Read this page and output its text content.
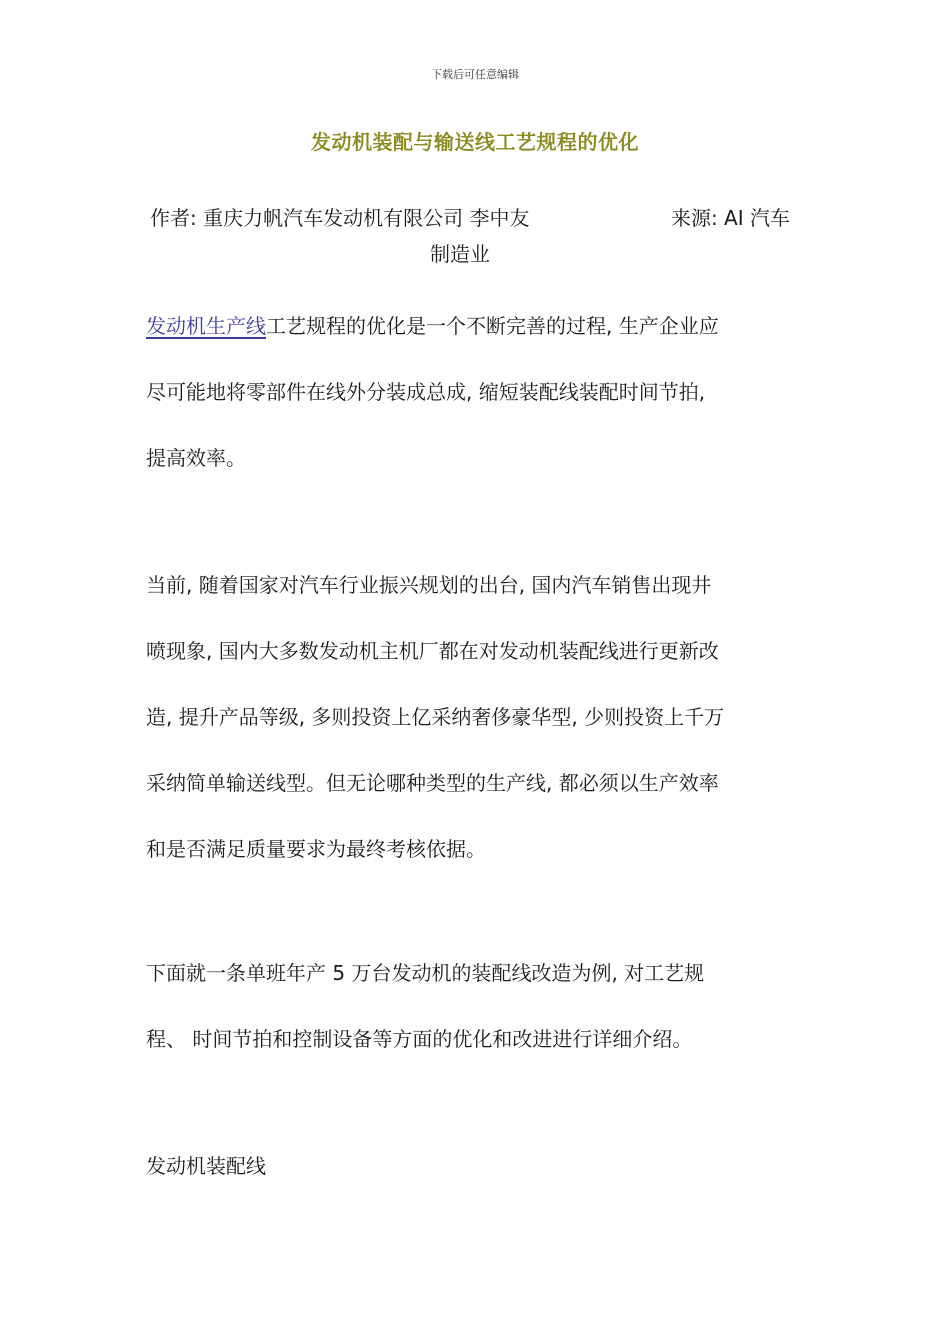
下载后可任意编辑
发动机装配与输送线工艺规程的优化
作者: 重庆力帆汽车发动机有限公司 李中友	来源: AI 汽车
制造业

发动机生产线工艺规程的优化是一个不断完善的过程, 生产企业应

尽可能地将零部件在线外分装成总成, 缩短装配线装配时间节拍,

提高效率。

当前, 随着国家对汽车行业振兴规划的出台, 国内汽车销售出现井

喷现象, 国内大多数发动机主机厂都在对发动机装配线进行更新改

造, 提升产品等级, 多则投资上亿采纳奢侈豪华型, 少则投资上千万

采纳简单输送线型。但无论哪种类型的生产线, 都必须以生产效率

和是否满足质量要求为最终考核依据。

下面就一条单班年产 5 万台发动机的装配线改造为例, 对工艺规

程、 时间节拍和控制设备等方面的优化和改进进行详细介绍。

发动机装配线
